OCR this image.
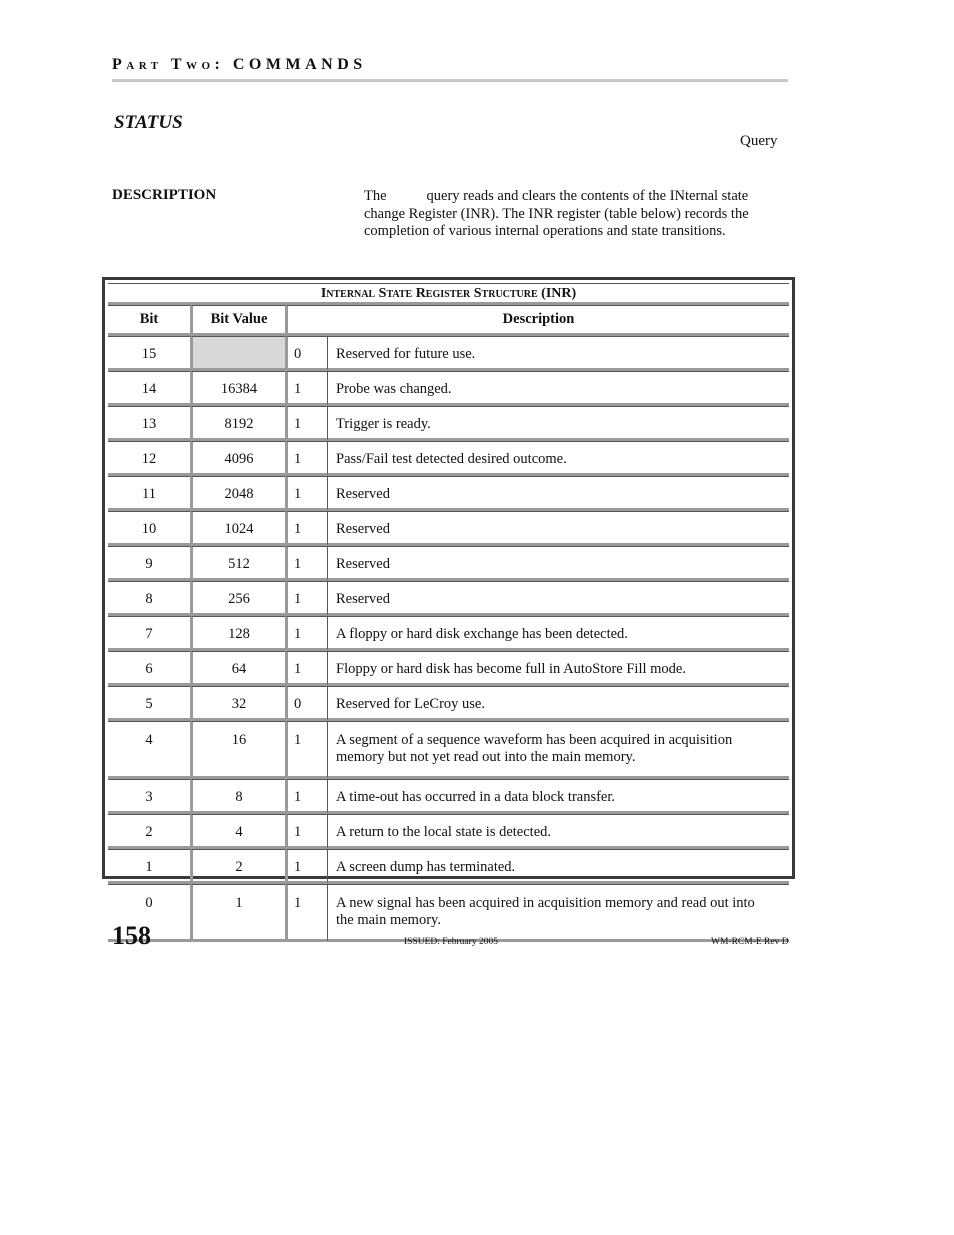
Part Two: COMMANDS
STATUS
Query
DESCRIPTION	The	query reads and clears the contents of the INternal state change Register (INR). The INR register (table below) records the completion of various internal operations and state transitions.
Internal State Register Structure (INR)			
Bit	Bit Value	Description	
15		0	Reserved for future use.
14	16384	1	Probe was changed.
13	8192	1	Trigger is ready.
12	4096	1	Pass/Fail test detected desired outcome.
11	2048	1	Reserved
10	1024	1	Reserved
9	512	1	Reserved
8	256	1	Reserved
7	128	1	A floppy or hard disk exchange has been detected.
6	64	1	Floppy or hard disk has become full in AutoStore Fill mode.
5	32	0	Reserved for LeCroy use.
4	16	1	A segment of a sequence waveform has been acquired in acquisition memory but not yet read out into the main memory.
3	8	1	A time-out has occurred in a data block transfer.
2	4	1	A return to the local state is detected.
1	2	1	A screen dump has terminated.
0	1	1	A new signal has been acquired in acquisition memory and read out into the main memory.
158	ISSUED: February 2005	WM-RCM-E Rev D
